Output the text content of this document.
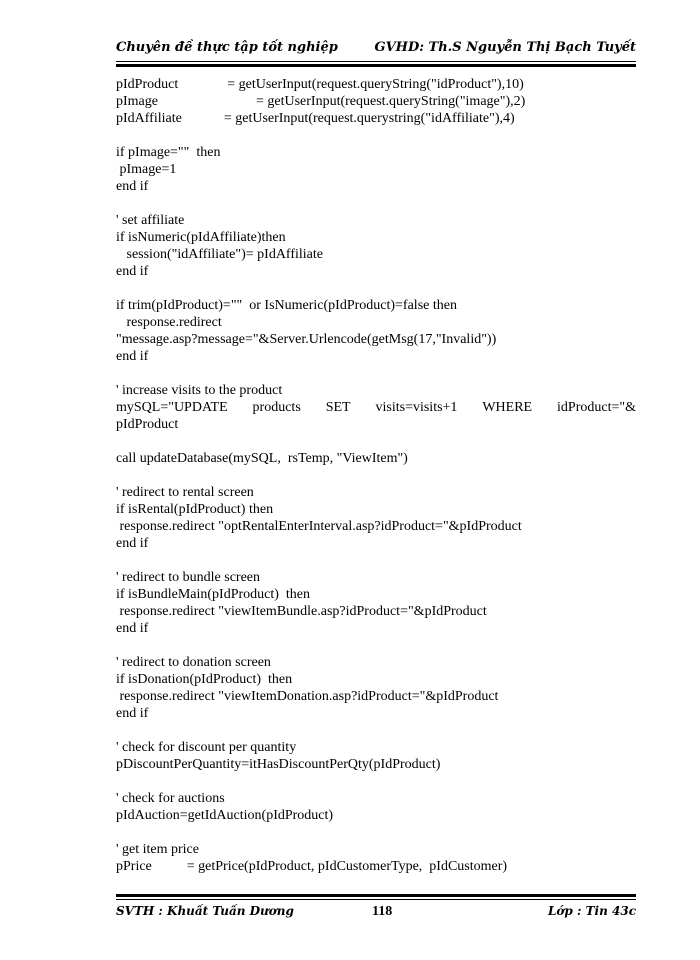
Chuyên đề thực tập tốt nghiệp	GVHD: Th.S Nguyễn Thị Bạch Tuyết
pIdProduct              = getUserInput(request.queryString("idProduct"),10)
pImage                            = getUserInput(request.queryString("image"),2)
pIdAffiliate            = getUserInput(request.querystring("idAffiliate"),4)
if pImage=""  then
pImage=1
end if
' set affiliate
if isNumeric(pIdAffiliate)then
session("idAffiliate")= pIdAffiliate
end if
if trim(pIdProduct)=""  or IsNumeric(pIdProduct)=false then
response.redirect
"message.asp?message="&Server.Urlencode(getMsg(17,"Invalid"))
end if
' increase visits to the product
mySQL="UPDATE products SET visits=visits+1 WHERE idProduct="&
pIdProduct
call updateDatabase(mySQL,  rsTemp, "ViewItem")
' redirect to rental screen
if isRental(pIdProduct) then
response.redirect "optRentalEnterInterval.asp?idProduct="&pIdProduct
end if
' redirect to bundle screen
if isBundleMain(pIdProduct)  then
response.redirect "viewItemBundle.asp?idProduct="&pIdProduct
end if
' redirect to donation screen
if isDonation(pIdProduct)  then
response.redirect "viewItemDonation.asp?idProduct="&pIdProduct
end if
' check for discount per quantity
pDiscountPerQuantity=itHasDiscountPerQty(pIdProduct)
' check for auctions
pIdAuction=getIdAuction(pIdProduct)
' get item price
pPrice          = getPrice(pIdProduct, pIdCustomerType,  pIdCustomer)
SVTH : Khuất Tuấn Dương	118	Lớp : Tin 43c
